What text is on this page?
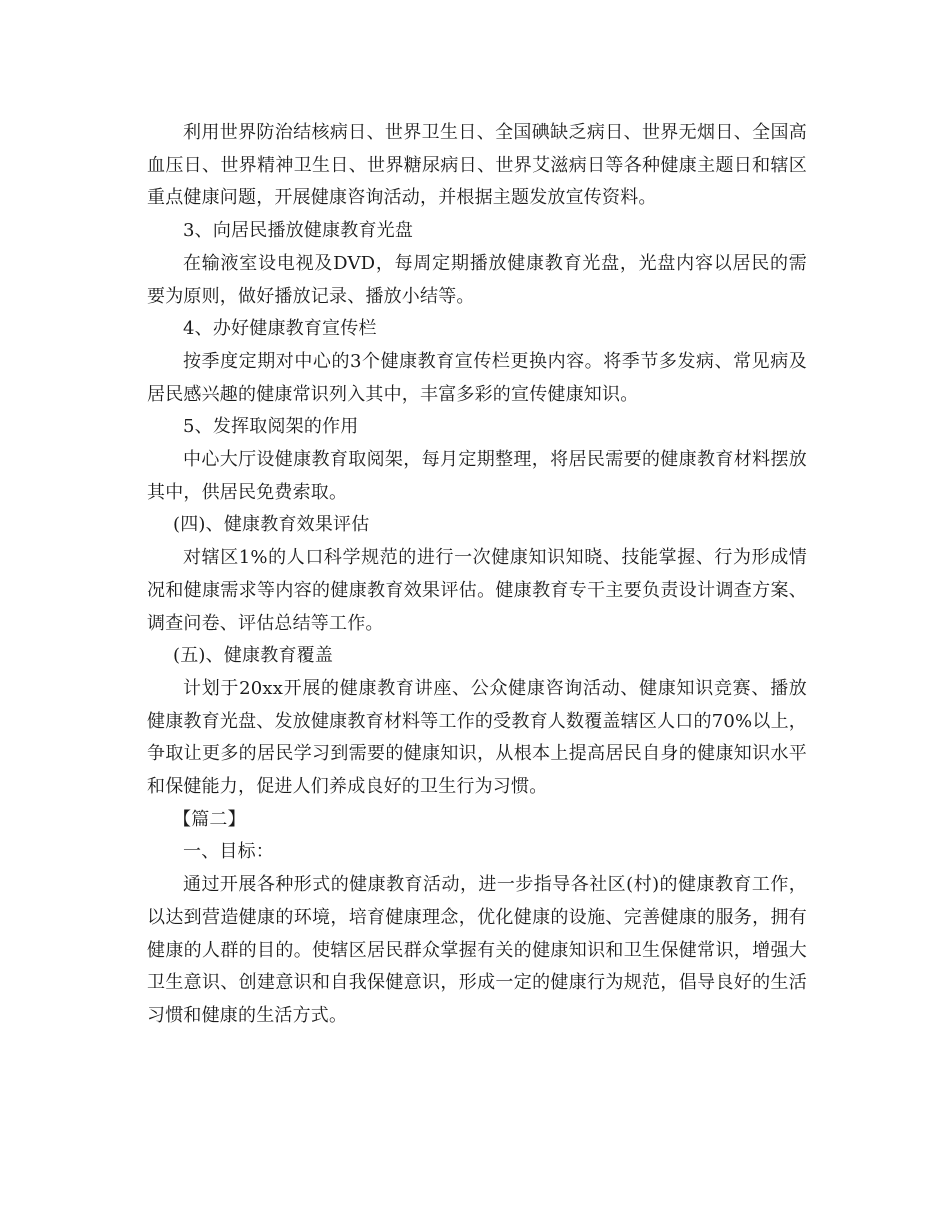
利用世界防治结核病日、世界卫生日、全国碘缺乏病日、世界无烟日、全国高血压日、世界精神卫生日、世界糖尿病日、世界艾滋病日等各种健康主题日和辖区重点健康问题，开展健康咨询活动，并根据主题发放宣传资料。

3、向居民播放健康教育光盘

在输液室设电视及DVD，每周定期播放健康教育光盘，光盘内容以居民的需要为原则，做好播放记录、播放小结等。

4、办好健康教育宣传栏

按季度定期对中心的3个健康教育宣传栏更换内容。将季节多发病、常见病及居民感兴趣的健康常识列入其中，丰富多彩的宣传健康知识。

5、发挥取阅架的作用

中心大厅设健康教育取阅架，每月定期整理，将居民需要的健康教育材料摆放其中，供居民免费索取。

(四)、健康教育效果评估

对辖区1%的人口科学规范的进行一次健康知识知晓、技能掌握、行为形成情况和健康需求等内容的健康教育效果评估。健康教育专干主要负责设计调查方案、调查问卷、评估总结等工作。

(五)、健康教育覆盖

计划于20xx开展的健康教育讲座、公众健康咨询活动、健康知识竞赛、播放健康教育光盘、发放健康教育材料等工作的受教育人数覆盖辖区人口的70%以上，争取让更多的居民学习到需要的健康知识，从根本上提高居民自身的健康知识水平和保健能力，促进人们养成良好的卫生行为习惯。

【篇二】

一、目标：

通过开展各种形式的健康教育活动，进一步指导各社区(村)的健康教育工作，以达到营造健康的环境，培育健康理念，优化健康的设施、完善健康的服务，拥有健康的人群的目的。使辖区居民群众掌握有关的健康知识和卫生保健常识，增强大卫生意识、创建意识和自我保健意识，形成一定的健康行为规范，倡导良好的生活习惯和健康的生活方式。
